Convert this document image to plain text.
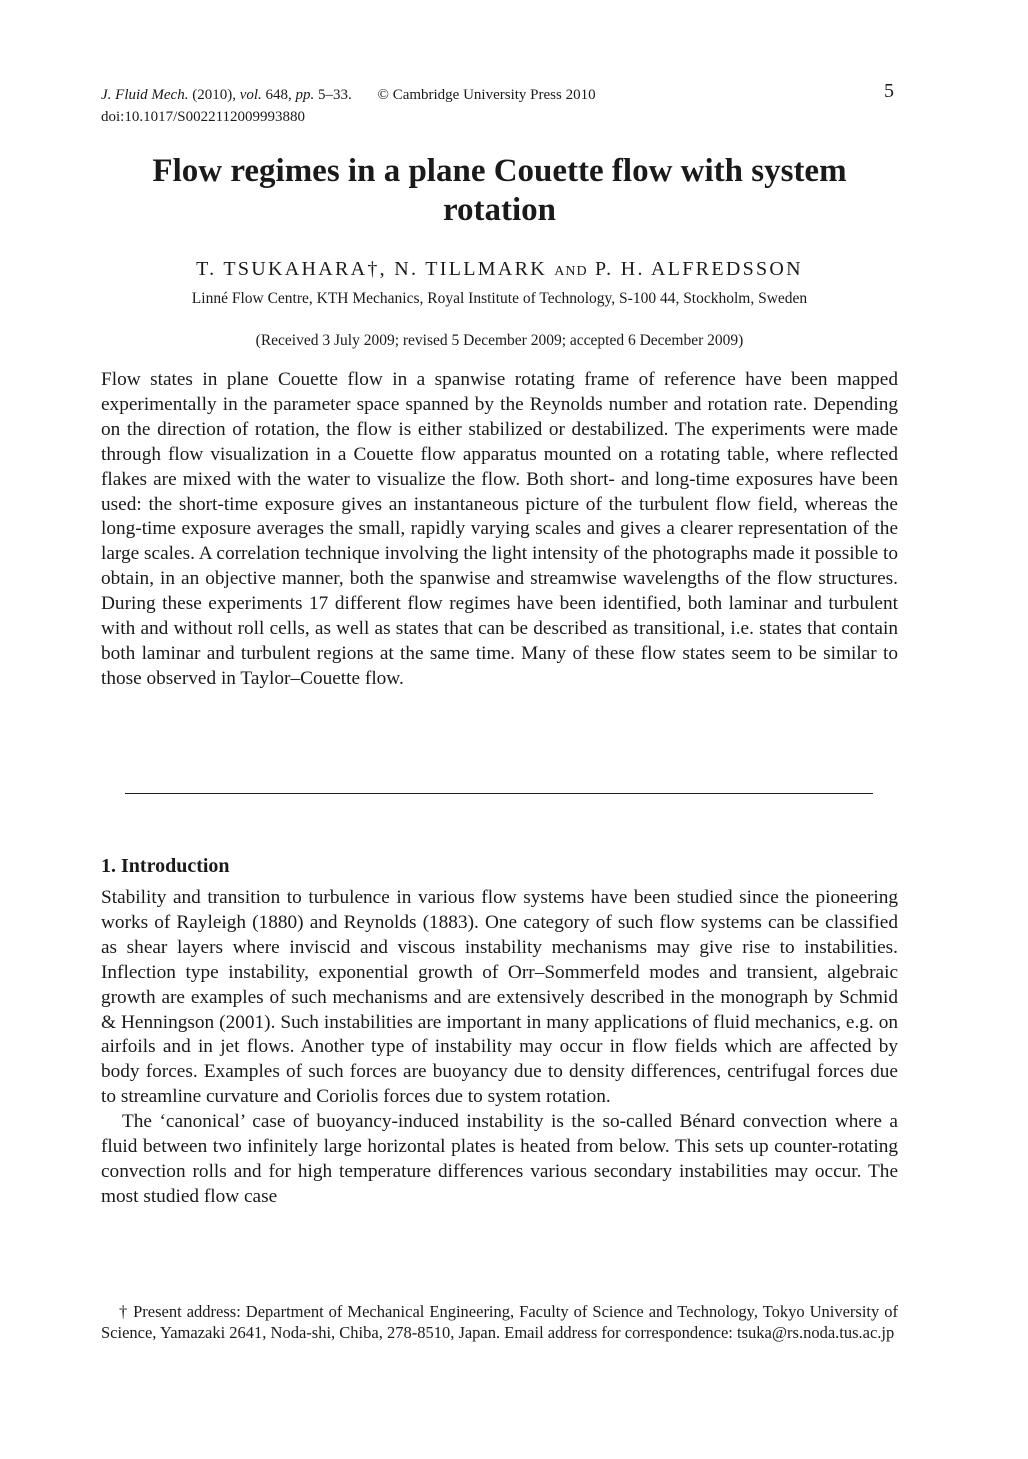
J. Fluid Mech. (2010), vol. 648, pp. 5–33. © Cambridge University Press 2010
doi:10.1017/S0022112009993880
5
Flow regimes in a plane Couette flow with system rotation
T. TSUKAHARA†, N. TILLMARK AND P. H. ALFREDSSON
Linné Flow Centre, KTH Mechanics, Royal Institute of Technology, S-100 44, Stockholm, Sweden
(Received 3 July 2009; revised 5 December 2009; accepted 6 December 2009)

Flow states in plane Couette flow in a spanwise rotating frame of reference have been mapped experimentally in the parameter space spanned by the Reynolds number and rotation rate. Depending on the direction of rotation, the flow is either stabilized or destabilized. The experiments were made through flow visualization in a Couette flow apparatus mounted on a rotating table, where reflected flakes are mixed with the water to visualize the flow. Both short- and long-time exposures have been used: the short-time exposure gives an instantaneous picture of the turbulent flow field, whereas the long-time exposure averages the small, rapidly varying scales and gives a clearer representation of the large scales. A correlation technique involving the light intensity of the photographs made it possible to obtain, in an objective manner, both the spanwise and streamwise wavelengths of the flow structures. During these experiments 17 different flow regimes have been identified, both laminar and turbulent with and without roll cells, as well as states that can be described as transitional, i.e. states that contain both laminar and turbulent regions at the same time. Many of these flow states seem to be similar to those observed in Taylor–Couette flow.

1. Introduction

Stability and transition to turbulence in various flow systems have been studied since the pioneering works of Rayleigh (1880) and Reynolds (1883). One category of such flow systems can be classified as shear layers where inviscid and viscous instability mechanisms may give rise to instabilities. Inflection type instability, exponential growth of Orr–Sommerfeld modes and transient, algebraic growth are examples of such mechanisms and are extensively described in the monograph by Schmid & Henningson (2001). Such instabilities are important in many applications of fluid mechanics, e.g. on airfoils and in jet flows. Another type of instability may occur in flow fields which are affected by body forces. Examples of such forces are buoyancy due to density differences, centrifugal forces due to streamline curvature and Coriolis forces due to system rotation.

The ‘canonical’ case of buoyancy-induced instability is the so-called Bénard convection where a fluid between two infinitely large horizontal plates is heated from below. This sets up counter-rotating convection rolls and for high temperature differences various secondary instabilities may occur. The most studied flow case

† Present address: Department of Mechanical Engineering, Faculty of Science and Technology, Tokyo University of Science, Yamazaki 2641, Noda-shi, Chiba, 278-8510, Japan. Email address for correspondence: tsuka@rs.noda.tus.ac.jp
